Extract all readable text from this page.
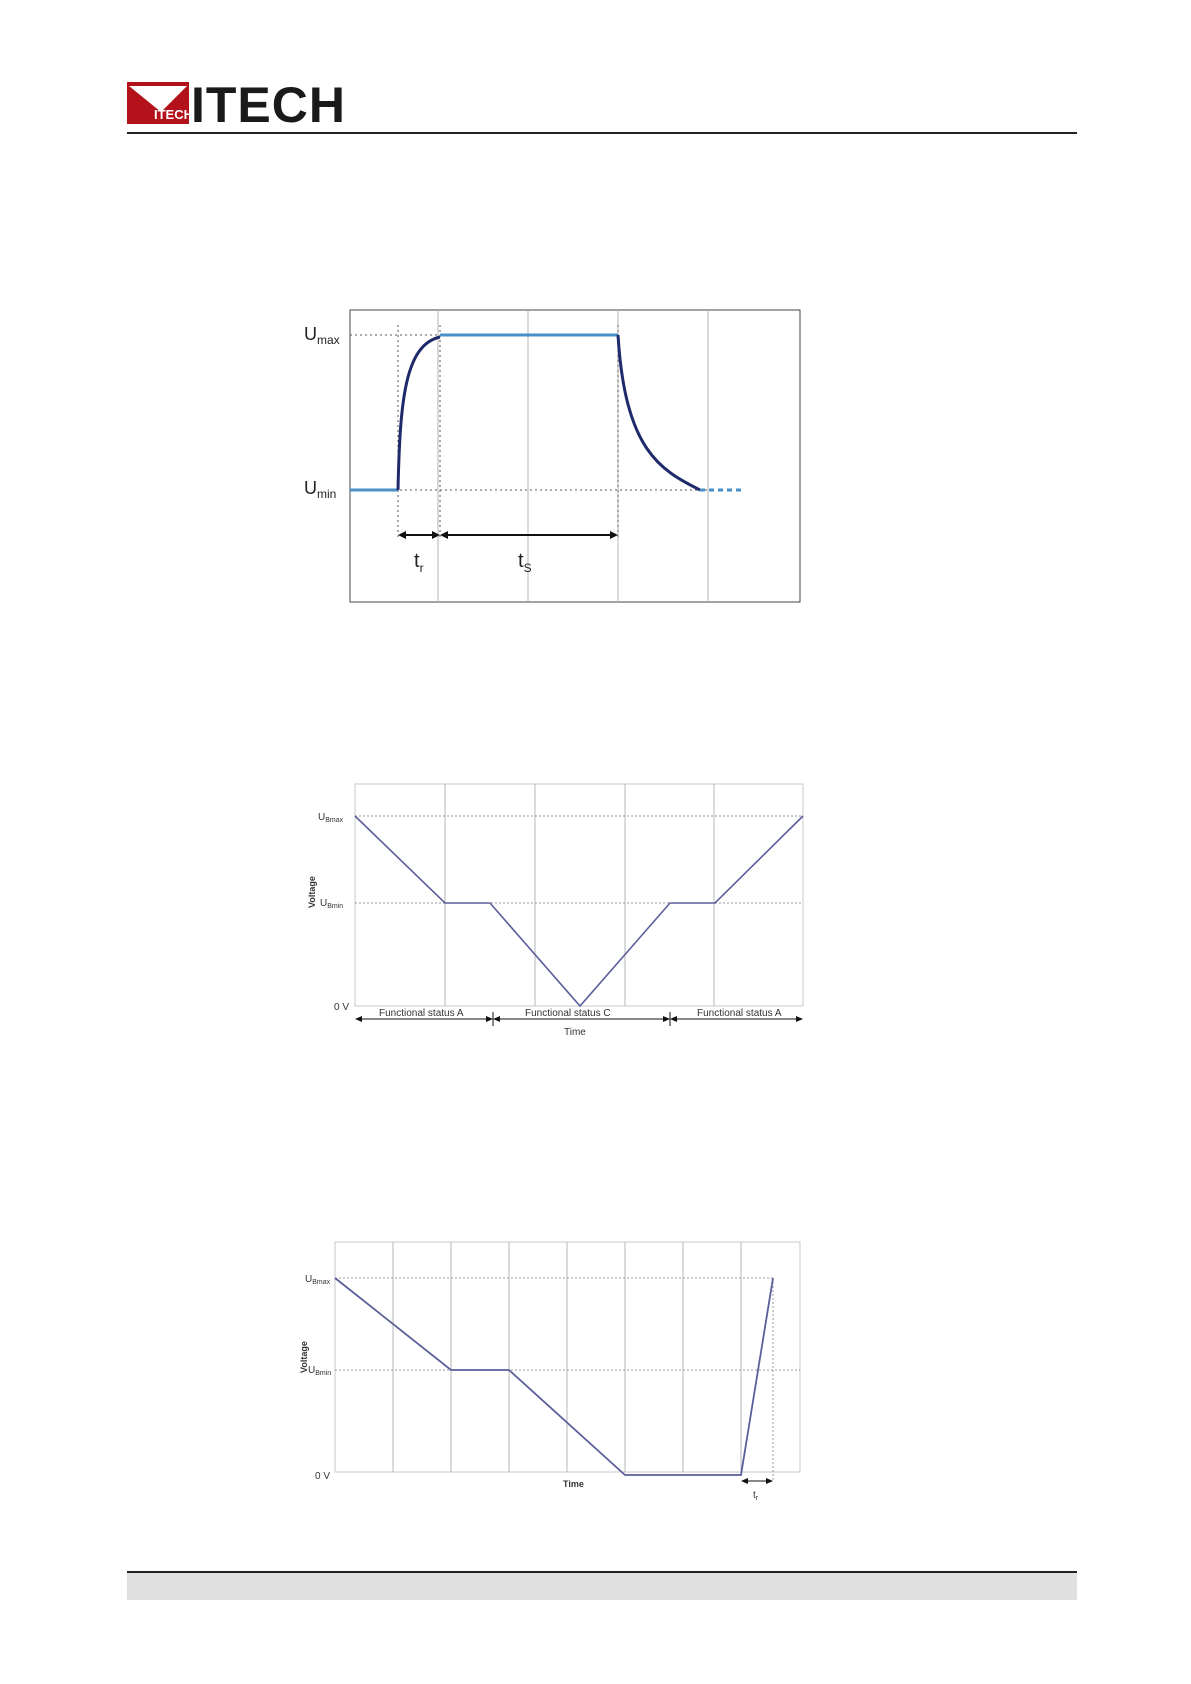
ITECH
ITECH
$U_{max}$
$U_{min}$
$t_r$	$t_S$
$U_{Bmax}$
$U_{Bmin}$
Voltage
0 V
Functional status A	Functional status C	Functional status A
Time
$U_{Bmax}$
$U_{Bmin}$
Voltage
0 V
Time
$t_r$
